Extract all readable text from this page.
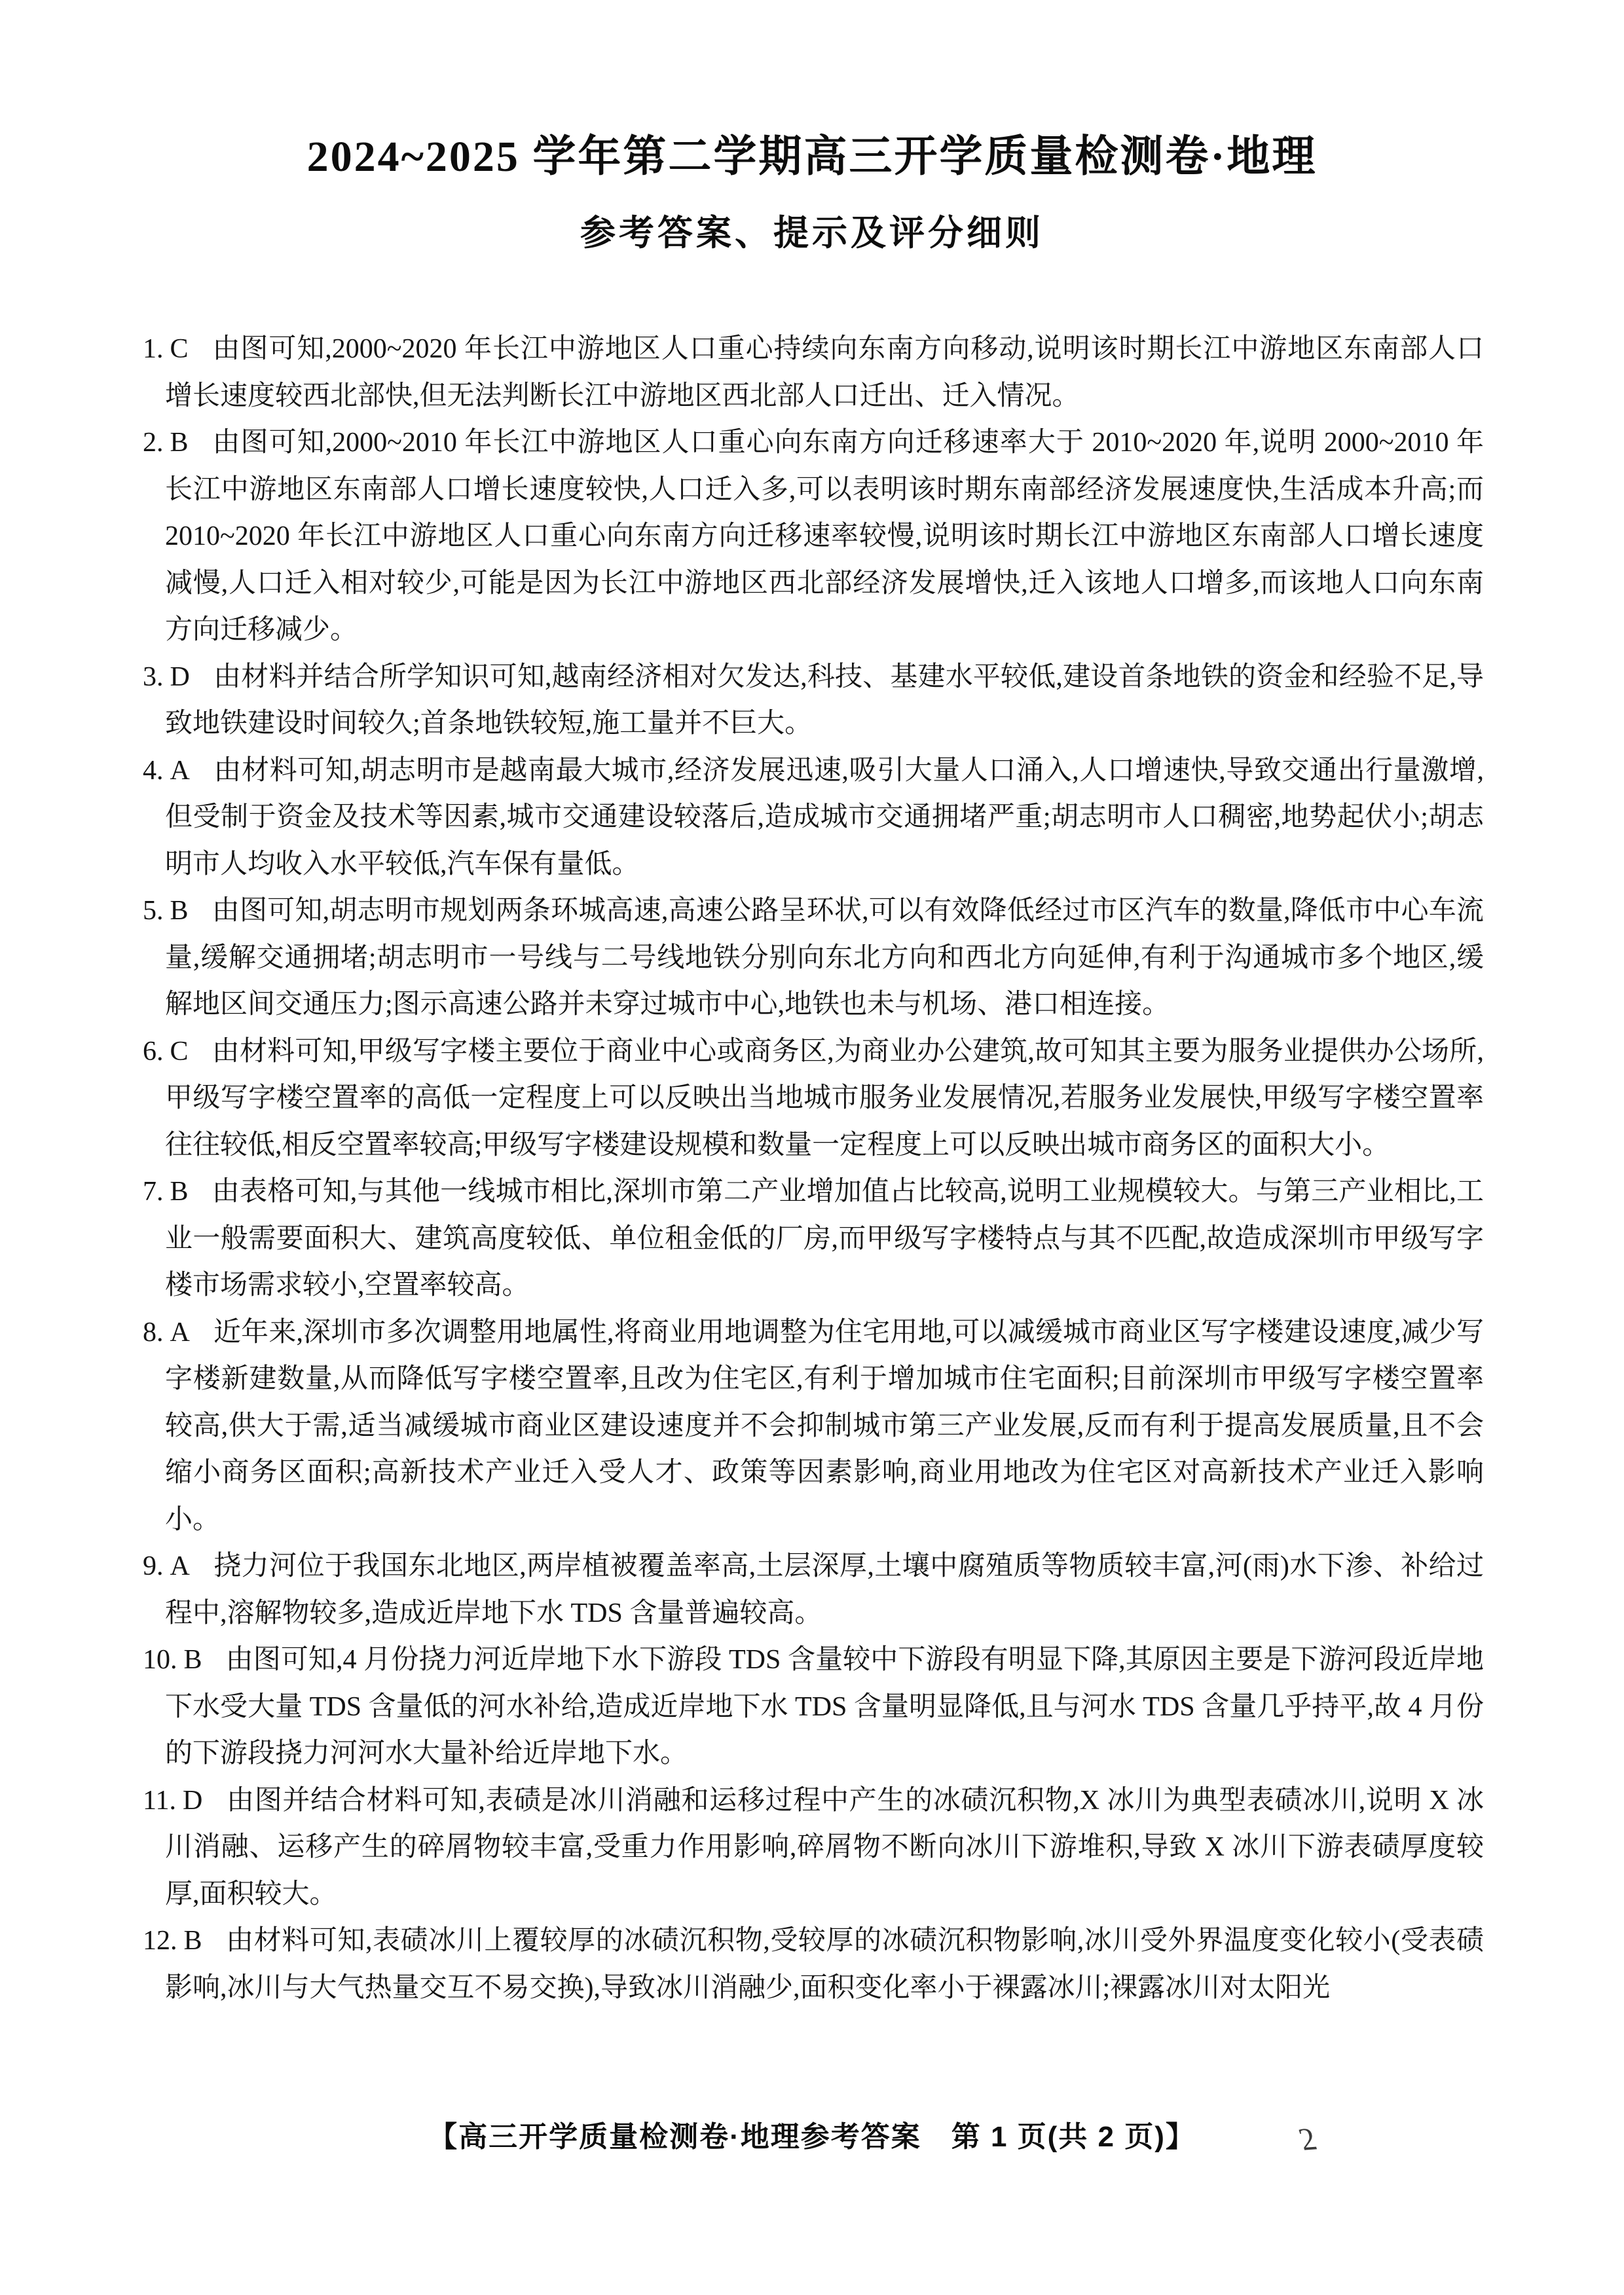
2024~2025 学年第二学期高三开学质量检测卷·地理
参考答案、提示及评分细则

1. C 由图可知,2000~2020 年长江中游地区人口重心持续向东南方向移动,说明该时期长江中游地区东南部人口增长速度较西北部快,但无法判断长江中游地区西北部人口迁出、迁入情况。

2. B 由图可知,2000~2010 年长江中游地区人口重心向东南方向迁移速率大于 2010~2020 年,说明 2000~2010 年长江中游地区东南部人口增长速度较快,人口迁入多,可以表明该时期东南部经济发展速度快,生活成本升高;而 2010~2020 年长江中游地区人口重心向东南方向迁移速率较慢,说明该时期长江中游地区东南部人口增长速度减慢,人口迁入相对较少,可能是因为长江中游地区西北部经济发展增快,迁入该地人口增多,而该地人口向东南方向迁移减少。

3. D 由材料并结合所学知识可知,越南经济相对欠发达,科技、基建水平较低,建设首条地铁的资金和经验不足,导致地铁建设时间较久;首条地铁较短,施工量并不巨大。

4. A 由材料可知,胡志明市是越南最大城市,经济发展迅速,吸引大量人口涌入,人口增速快,导致交通出行量激增,但受制于资金及技术等因素,城市交通建设较落后,造成城市交通拥堵严重;胡志明市人口稠密,地势起伏小;胡志明市人均收入水平较低,汽车保有量低。

5. B 由图可知,胡志明市规划两条环城高速,高速公路呈环状,可以有效降低经过市区汽车的数量,降低市中心车流量,缓解交通拥堵;胡志明市一号线与二号线地铁分别向东北方向和西北方向延伸,有利于沟通城市多个地区,缓解地区间交通压力;图示高速公路并未穿过城市中心,地铁也未与机场、港口相连接。

6. C 由材料可知,甲级写字楼主要位于商业中心或商务区,为商业办公建筑,故可知其主要为服务业提供办公场所,甲级写字楼空置率的高低一定程度上可以反映出当地城市服务业发展情况,若服务业发展快,甲级写字楼空置率往往较低,相反空置率较高;甲级写字楼建设规模和数量一定程度上可以反映出城市商务区的面积大小。

7. B 由表格可知,与其他一线城市相比,深圳市第二产业增加值占比较高,说明工业规模较大。与第三产业相比,工业一般需要面积大、建筑高度较低、单位租金低的厂房,而甲级写字楼特点与其不匹配,故造成深圳市甲级写字楼市场需求较小,空置率较高。

8. A 近年来,深圳市多次调整用地属性,将商业用地调整为住宅用地,可以减缓城市商业区写字楼建设速度,减少写字楼新建数量,从而降低写字楼空置率,且改为住宅区,有利于增加城市住宅面积;目前深圳市甲级写字楼空置率较高,供大于需,适当减缓城市商业区建设速度并不会抑制城市第三产业发展,反而有利于提高发展质量,且不会缩小商务区面积;高新技术产业迁入受人才、政策等因素影响,商业用地改为住宅区对高新技术产业迁入影响小。

9. A 挠力河位于我国东北地区,两岸植被覆盖率高,土层深厚,土壤中腐殖质等物质较丰富,河(雨)水下渗、补给过程中,溶解物较多,造成近岸地下水 TDS 含量普遍较高。

10. B 由图可知,4 月份挠力河近岸地下水下游段 TDS 含量较中下游段有明显下降,其原因主要是下游河段近岸地下水受大量 TDS 含量低的河水补给,造成近岸地下水 TDS 含量明显降低,且与河水 TDS 含量几乎持平,故 4 月份的下游段挠力河河水大量补给近岸地下水。

11. D 由图并结合材料可知,表碛是冰川消融和运移过程中产生的冰碛沉积物,X 冰川为典型表碛冰川,说明 X 冰川消融、运移产生的碎屑物较丰富,受重力作用影响,碎屑物不断向冰川下游堆积,导致 X 冰川下游表碛厚度较厚,面积较大。

12. B 由材料可知,表碛冰川上覆较厚的冰碛沉积物,受较厚的冰碛沉积物影响,冰川受外界温度变化较小(受表碛影响,冰川与大气热量交互不易交换),导致冰川消融少,面积变化率小于裸露冰川;裸露冰川对太阳光

【高三开学质量检测卷·地理参考答案　第 1 页(共 2 页)】	2
